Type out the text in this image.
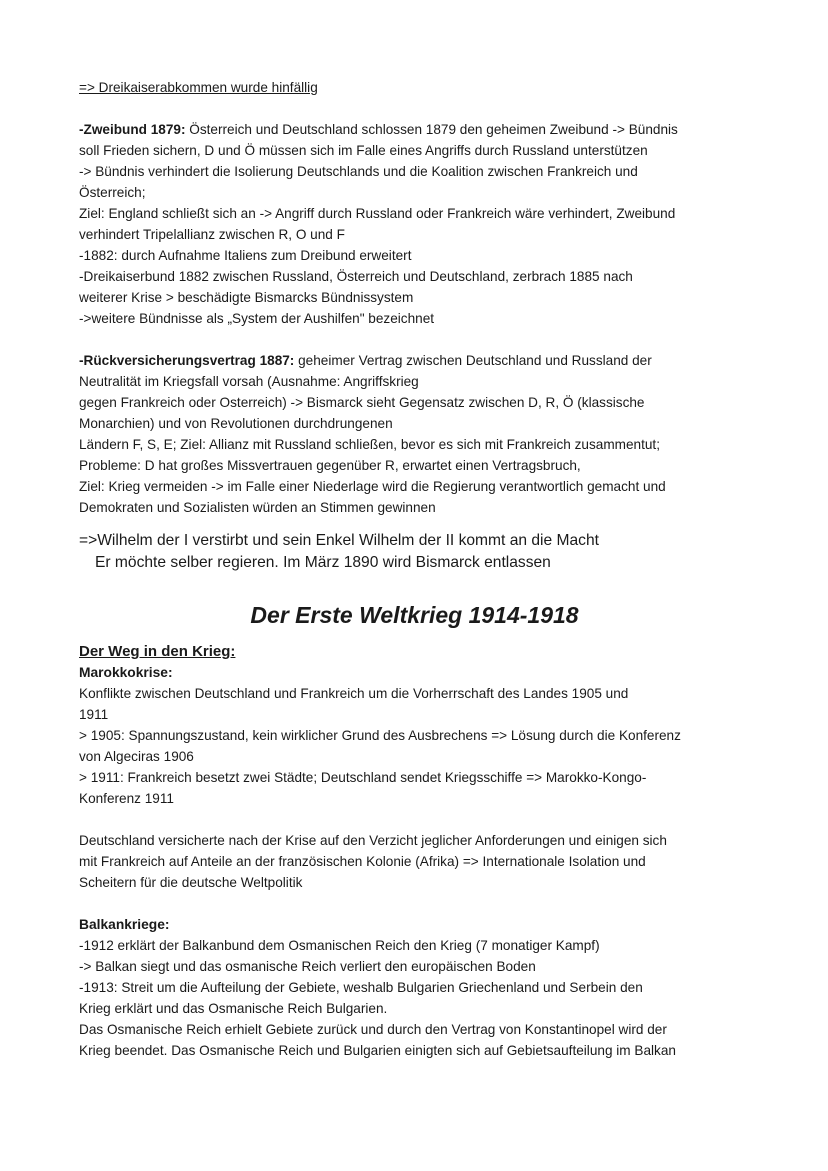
=> Dreikaiserabkommen wurde hinfällig

-Zweibund 1879: Österreich und Deutschland schlossen 1879 den geheimen Zweibund -> Bündnis

soll Frieden sichern, D und Ö müssen sich im Falle eines Angriffs durch Russland unterstützen

-> Bündnis verhindert die Isolierung Deutschlands und die Koalition zwischen Frankreich und

Österreich;

Ziel: England schließt sich an -> Angriff durch Russland oder Frankreich wäre verhindert, Zweibund

verhindert Tripelallianz zwischen R, O und F

-1882: durch Aufnahme Italiens zum Dreibund erweitert

-Dreikaiserbund 1882 zwischen Russland, Österreich und Deutschland, zerbrach 1885 nach

weiterer Krise > beschädigte Bismarcks Bündnissystem

->weitere Bündnisse als „System der Aushilfen" bezeichnet

-Rückversicherungsvertrag 1887: geheimer Vertrag zwischen Deutschland und Russland der

Neutralität im Kriegsfall vorsah (Ausnahme: Angriffskrieg

gegen Frankreich oder Osterreich) -> Bismarck sieht Gegensatz zwischen D, R, Ö (klassische

Monarchien) und von Revolutionen durchdrungenen

Ländern F, S, E; Ziel: Allianz mit Russland schließen, bevor es sich mit Frankreich zusammentut;

Probleme: D hat großes Missvertrauen gegenüber R, erwartet einen Vertragsbruch,

Ziel: Krieg vermeiden -> im Falle einer Niederlage wird die Regierung verantwortlich gemacht und

Demokraten und Sozialisten würden an Stimmen gewinnen

=>Wilhelm der I verstirbt und sein Enkel Wilhelm der II kommt an die Macht

Er möchte selber regieren. Im März 1890 wird Bismarck entlassen

Der Erste Weltkrieg 1914-1918

Der Weg in den Krieg:

Marokkokrise:

Konflikte zwischen Deutschland und Frankreich um die Vorherrschaft des Landes 1905 und

1911

> 1905: Spannungszustand, kein wirklicher Grund des Ausbrechens => Lösung durch die Konferenz

von Algeciras 1906

> 1911: Frankreich besetzt zwei Städte; Deutschland sendet Kriegsschiffe => Marokko-Kongo-

Konferenz 1911

Deutschland versicherte nach der Krise auf den Verzicht jeglicher Anforderungen und einigen sich

mit Frankreich auf Anteile an der französischen Kolonie (Afrika) => Internationale Isolation und

Scheitern für die deutsche Weltpolitik

Balkankriege:

-1912 erklärt der Balkanbund dem Osmanischen Reich den Krieg (7 monatiger Kampf)

-> Balkan siegt und das osmanische Reich verliert den europäischen Boden

-1913: Streit um die Aufteilung der Gebiete, weshalb Bulgarien Griechenland und Serbein den

Krieg erklärt und das Osmanische Reich Bulgarien.

Das Osmanische Reich erhielt Gebiete zurück und durch den Vertrag von Konstantinopel wird der

Krieg beendet. Das Osmanische Reich und Bulgarien einigten sich auf Gebietsaufteilung im Balkan
